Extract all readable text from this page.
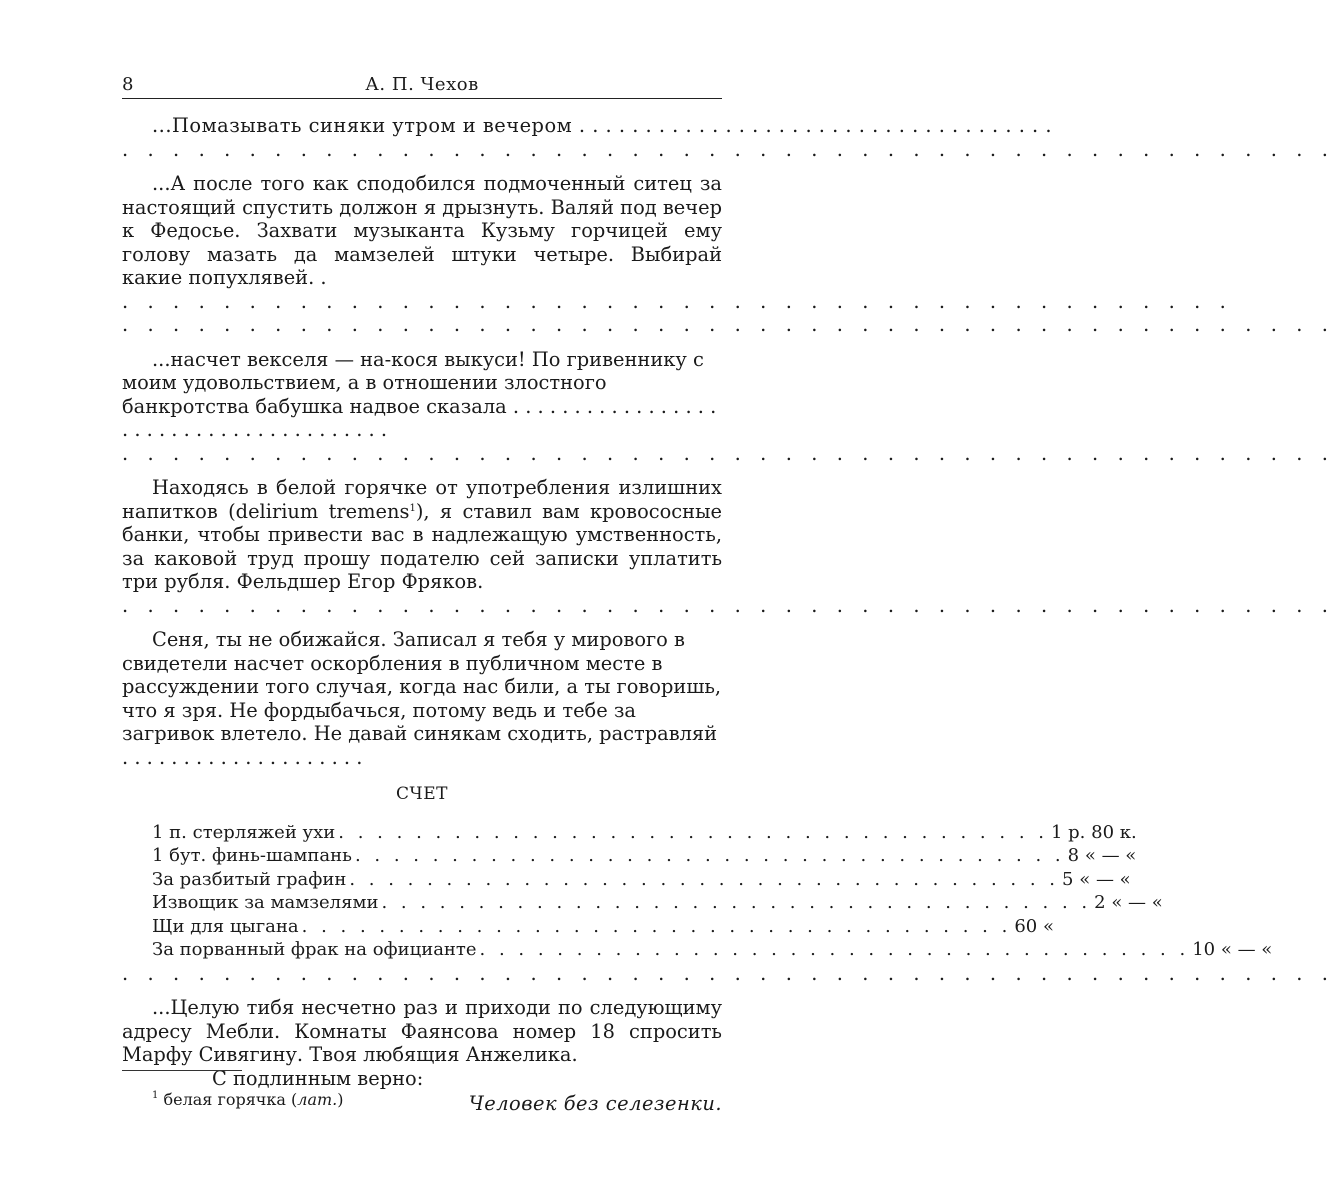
8	А. П. Чехов

...Помазывать синяки утром и вечером . . . . . . . . . . . . . . . . . . . . . . . . . . . . . . . . . . . .

. . . . . . . . . . . . . . . . . . . . . . . . . . . . . . . . . . . . . . . . . . . . . . . .

...А после того как сподобился подмоченный ситец за настоящий спустить должон я дрызнуть. Валяй под вечер к Федосье. Захвати музыканта Кузьму горчицей ему голову мазать да мамзелей штуки четыре. Выбирай какие попухлявей. .

. . . . . . . . . . . . . . . . . . . . . . . . . . . . . . . . . . . . . . . . . . . .
. . . . . . . . . . . . . . . . . . . . . . . . . . . . . . . . . . . . . . . . . . . . . . . .

...насчет векселя — на-кося выкуси! По гривеннику с моим удовольствием, а в отношении злостного банкротства бабушка надвое сказала . . . . . . . . . . . . . . . . . . . . . . . . . . . . . . . . . . . . . . .

. . . . . . . . . . . . . . . . . . . . . . . . . . . . . . . . . . . . . . . . . . . . . . . .

Находясь в белой горячке от употребления излишних напитков (delirium tremens$^1$), я ставил вам кровососные банки, чтобы привести вас в надлежащую умственность, за каковой труд прошу подателю сей записки уплатить три рубля. Фельдшер Егор Фряков.

. . . . . . . . . . . . . . . . . . . . . . . . . . . . . . . . . . . . . . . . . . . . . . . .

Сеня, ты не обижайся. Записал я тебя у мирового в свидетели насчет оскорбления в публичном месте в рассуждении того случая, когда нас били, а ты говоришь, что я зря. Не фордыбачься, потому ведь и тебе за загривок влетело. Не давай синякам сходить, растравляй . . . . . . . . . . . . . . . . . . . .

СЧЕТ
1 п. стерляжей ухи . . . . . . . . . . . . . . . . . . . . . . . . . . . . . . . . . . . . . 1 р. 80 к.
1 бут. финь-шампань . . . . . . . . . . . . . . . . . . . . . . . . . . . . . . . . . . . . . 8 « — «
За разбитый графин . . . . . . . . . . . . . . . . . . . . . . . . . . . . . . . . . . . . . 5 « — «
Извощик за мамзелями . . . . . . . . . . . . . . . . . . . . . . . . . . . . . . . . . . . . . 2 « — «
Щи для цыгана . . . . . . . . . . . . . . . . . . . . . . . . . . . . . . . . . . . . . 60 «
За порванный фрак на официанте . . . . . . . . . . . . . . . . . . . . . . . . . . . . . . . . . . . . . 10 « — «
. . . . . . . . . . . . . . . . . . . . . . . . . . . . . . . . . . . . . . . . . . . . . . . .

...Целую тибя несчетно раз и приходи по следующиму адресу Мебли. Комнаты Фаянсова номер 18 спросить Марфу Сивягину. Твоя любящия Анжелика.

С подлинным верно:

Человек без селезенки.

$^1$ белая горячка (лат.)
